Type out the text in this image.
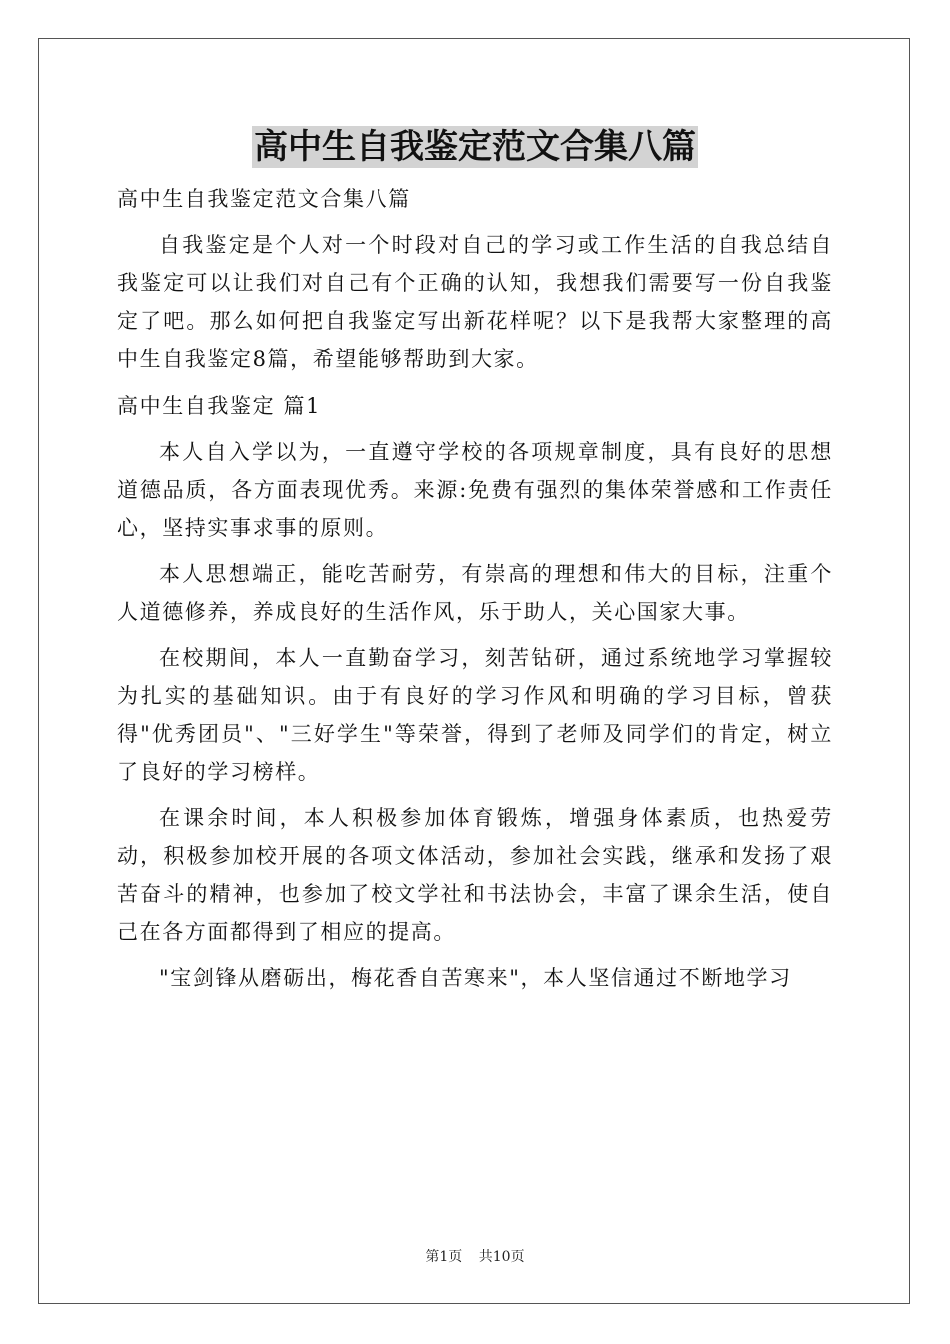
高中生自我鉴定范文合集八篇

高中生自我鉴定范文合集八篇

自我鉴定是个人对一个时段对自己的学习或工作生活的自我总结自我鉴定可以让我们对自己有个正确的认知，我想我们需要写一份自我鉴定了吧。那么如何把自我鉴定写出新花样呢？以下是我帮大家整理的高中生自我鉴定8篇，希望能够帮助到大家。

高中生自我鉴定 篇1

本人自入学以为，一直遵守学校的各项规章制度，具有良好的思想道德品质，各方面表现优秀。来源:免费有强烈的集体荣誉感和工作责任心，坚持实事求事的原则。

本人思想端正，能吃苦耐劳，有崇高的理想和伟大的目标，注重个人道德修养，养成良好的生活作风，乐于助人，关心国家大事。

在校期间，本人一直勤奋学习，刻苦钻研，通过系统地学习掌握较为扎实的基础知识。由于有良好的学习作风和明确的学习目标，曾获得"优秀团员"、"三好学生"等荣誉，得到了老师及同学们的肯定，树立了良好的学习榜样。

在课余时间，本人积极参加体育锻炼，增强身体素质，也热爱劳动，积极参加校开展的各项文体活动，参加社会实践，继承和发扬了艰苦奋斗的精神，也参加了校文学社和书法协会，丰富了课余生活，使自己在各方面都得到了相应的提高。

"宝剑锋从磨砺出，梅花香自苦寒来"，本人坚信通过不断地学习

第1页 共10页
